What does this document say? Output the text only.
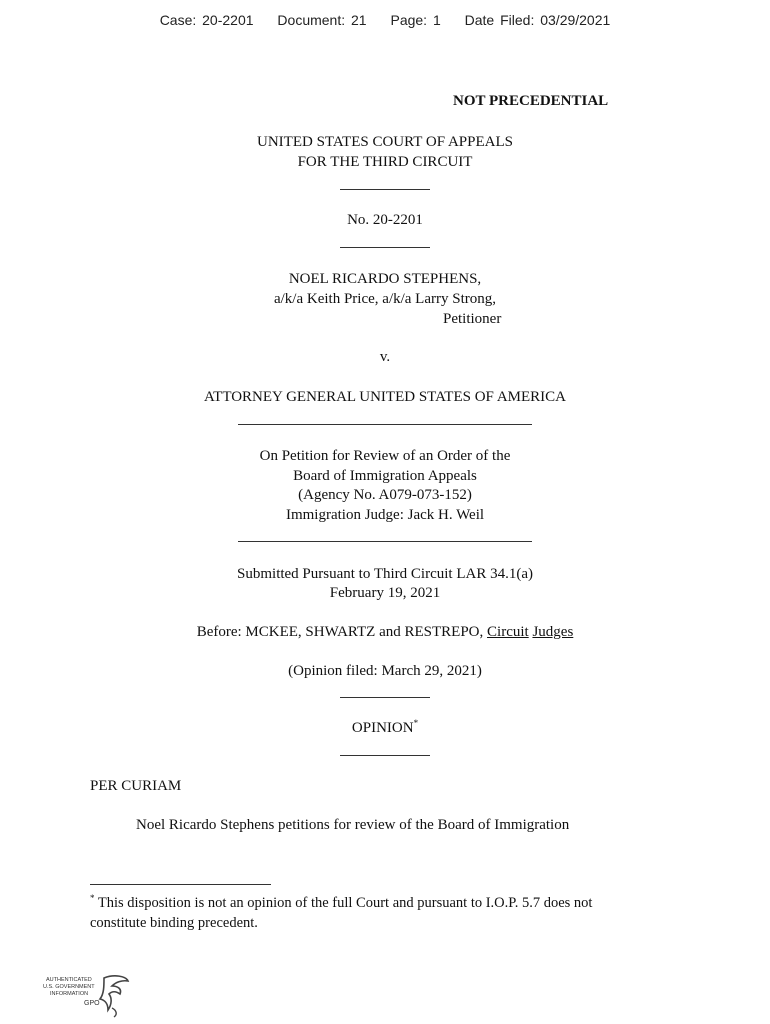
Case: 20-2201 Document: 21 Page: 1 Date Filed: 03/29/2021
NOT PRECEDENTIAL
UNITED STATES COURT OF APPEALS
FOR THE THIRD CIRCUIT
No. 20-2201
NOEL RICARDO STEPHENS,
a/k/a Keith Price, a/k/a Larry Strong,
Petitioner
v.
ATTORNEY GENERAL UNITED STATES OF AMERICA
On Petition for Review of an Order of the
Board of Immigration Appeals
(Agency No. A079-073-152)
Immigration Judge: Jack H. Weil
Submitted Pursuant to Third Circuit LAR 34.1(a)
February 19, 2021
Before: MCKEE, SHWARTZ and RESTREPO, Circuit Judges
(Opinion filed: March 29, 2021)
OPINION*
PER CURIAM
Noel Ricardo Stephens petitions for review of the Board of Immigration
* This disposition is not an opinion of the full Court and pursuant to I.O.P. 5.7 does not
constitute binding precedent.
AUTHENTICATED
U.S. GOVERNMENT
INFORMATION
GPO
